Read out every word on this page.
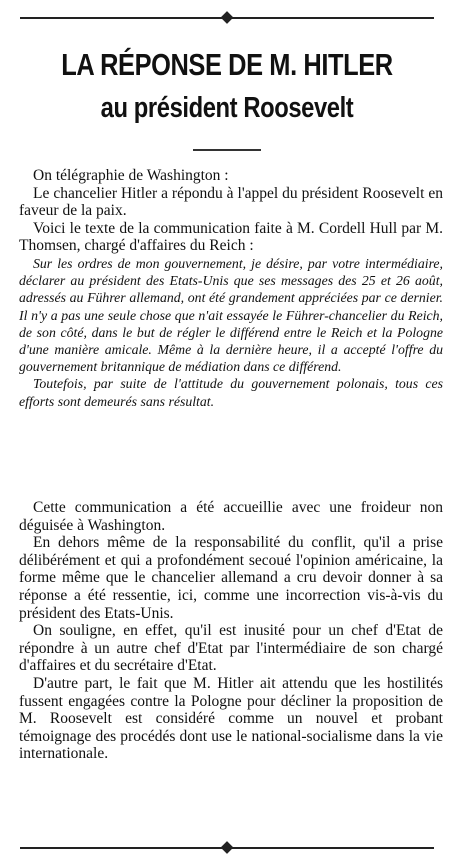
LA RÉPONSE DE M. HITLER
au président Roosevelt

On télégraphie de Washington :

Le chancelier Hitler a répondu à l'appel du président Roosevelt en faveur de la paix.

Voici le texte de la communication faite à M. Cordell Hull par M. Thomsen, chargé d'affaires du Reich :

Sur les ordres de mon gouvernement, je désire, par votre intermédiaire, déclarer au président des Etats-Unis que ses messages des 25 et 26 août, adressés au Führer allemand, ont été grandement appréciées par ce dernier. Il n'y a pas une seule chose que n'ait essayée le Führer-chancelier du Reich, de son côté, dans le but de régler le différend entre le Reich et la Pologne d'une manière amicale. Même à la dernière heure, il a accepté l'offre du gouvernement britannique de médiation dans ce différend.

Toutefois, par suite de l'attitude du gouvernement polonais, tous ces efforts sont demeurés sans résultat.

Cette communication a été accueillie avec une froideur non déguisée à Washington.

En dehors même de la responsabilité du conflit, qu'il a prise délibérément et qui a profondément secoué l'opinion américaine, la forme même que le chancelier allemand a cru devoir donner à sa réponse a été ressentie, ici, comme une incorrection vis-à-vis du président des Etats-Unis.

On souligne, en effet, qu'il est inusité pour un chef d'Etat de répondre à un autre chef d'Etat par l'intermédiaire de son chargé d'affaires et du secrétaire d'Etat.

D'autre part, le fait que M. Hitler ait attendu que les hostilités fussent engagées contre la Pologne pour décliner la proposition de M. Roosevelt est considéré comme un nouvel et probant témoignage des procédés dont use le national-socialisme dans la vie internationale.
